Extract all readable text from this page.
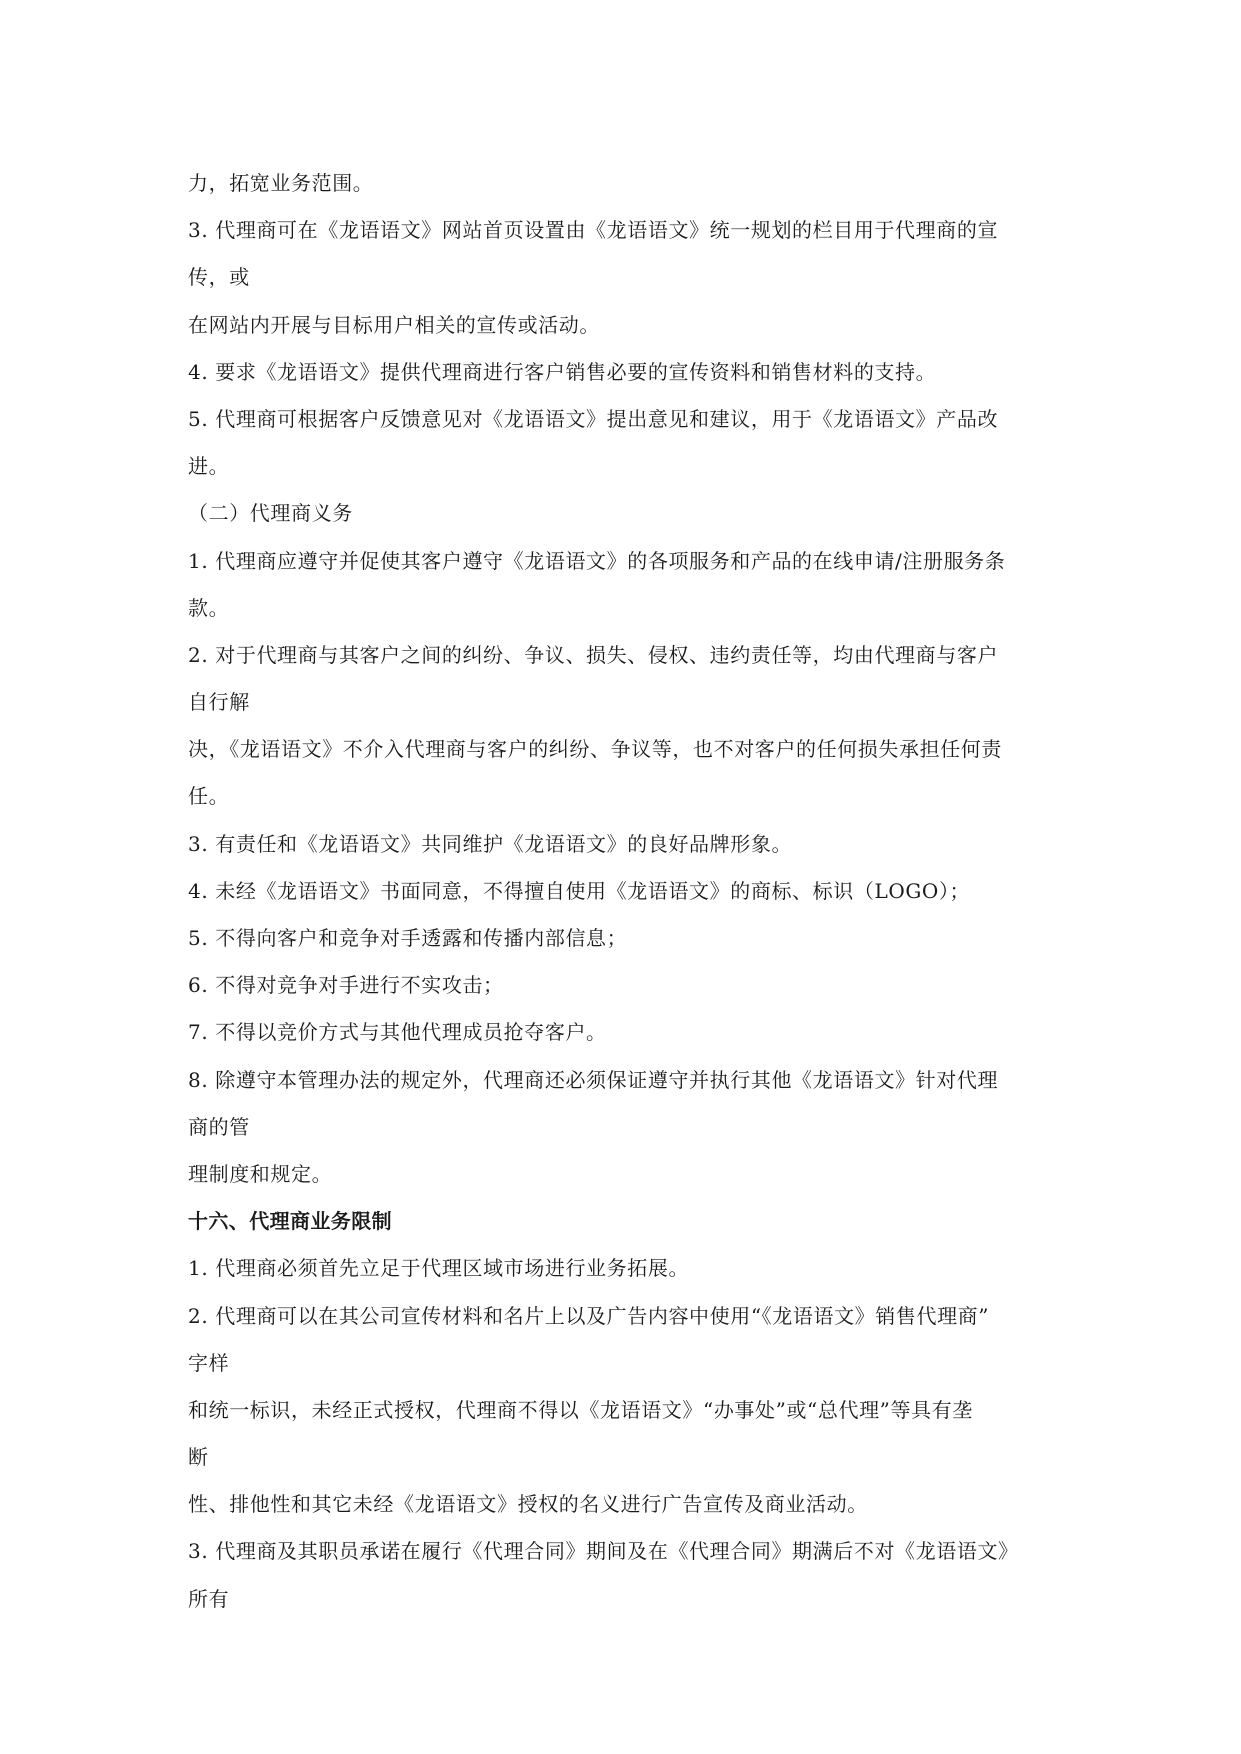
力，拓宽业务范围。
3. 代理商可在《龙语语文》网站首页设置由《龙语语文》统一规划的栏目用于代理商的宣
传，或
在网站内开展与目标用户相关的宣传或活动。
4. 要求《龙语语文》提供代理商进行客户销售必要的宣传资料和销售材料的支持。
5. 代理商可根据客户反馈意见对《龙语语文》提出意见和建议，用于《龙语语文》产品改
进。
（二）代理商义务
1. 代理商应遵守并促使其客户遵守《龙语语文》的各项服务和产品的在线申请/注册服务条
款。
2. 对于代理商与其客户之间的纠纷、争议、损失、侵权、违约责任等，均由代理商与客户
自行解
决，《龙语语文》不介入代理商与客户的纠纷、争议等，也不对客户的任何损失承担任何责
任。
3. 有责任和《龙语语文》共同维护《龙语语文》的良好品牌形象。
4. 未经《龙语语文》书面同意，不得擅自使用《龙语语文》的商标、标识（LOGO）；
5. 不得向客户和竞争对手透露和传播内部信息；
6. 不得对竞争对手进行不实攻击；
7. 不得以竞价方式与其他代理成员抢夺客户。
8. 除遵守本管理办法的规定外，代理商还必须保证遵守并执行其他《龙语语文》针对代理
商的管
理制度和规定。
十六、代理商业务限制
1. 代理商必须首先立足于代理区域市场进行业务拓展。
2. 代理商可以在其公司宣传材料和名片上以及广告内容中使用“《龙语语文》销售代理商”
字样
和统一标识，未经正式授权，代理商不得以《龙语语文》“办事处”或“总代理”等具有垄
断
性、排他性和其它未经《龙语语文》授权的名义进行广告宣传及商业活动。
3. 代理商及其职员承诺在履行《代理合同》期间及在《代理合同》期满后不对《龙语语文》
所有
